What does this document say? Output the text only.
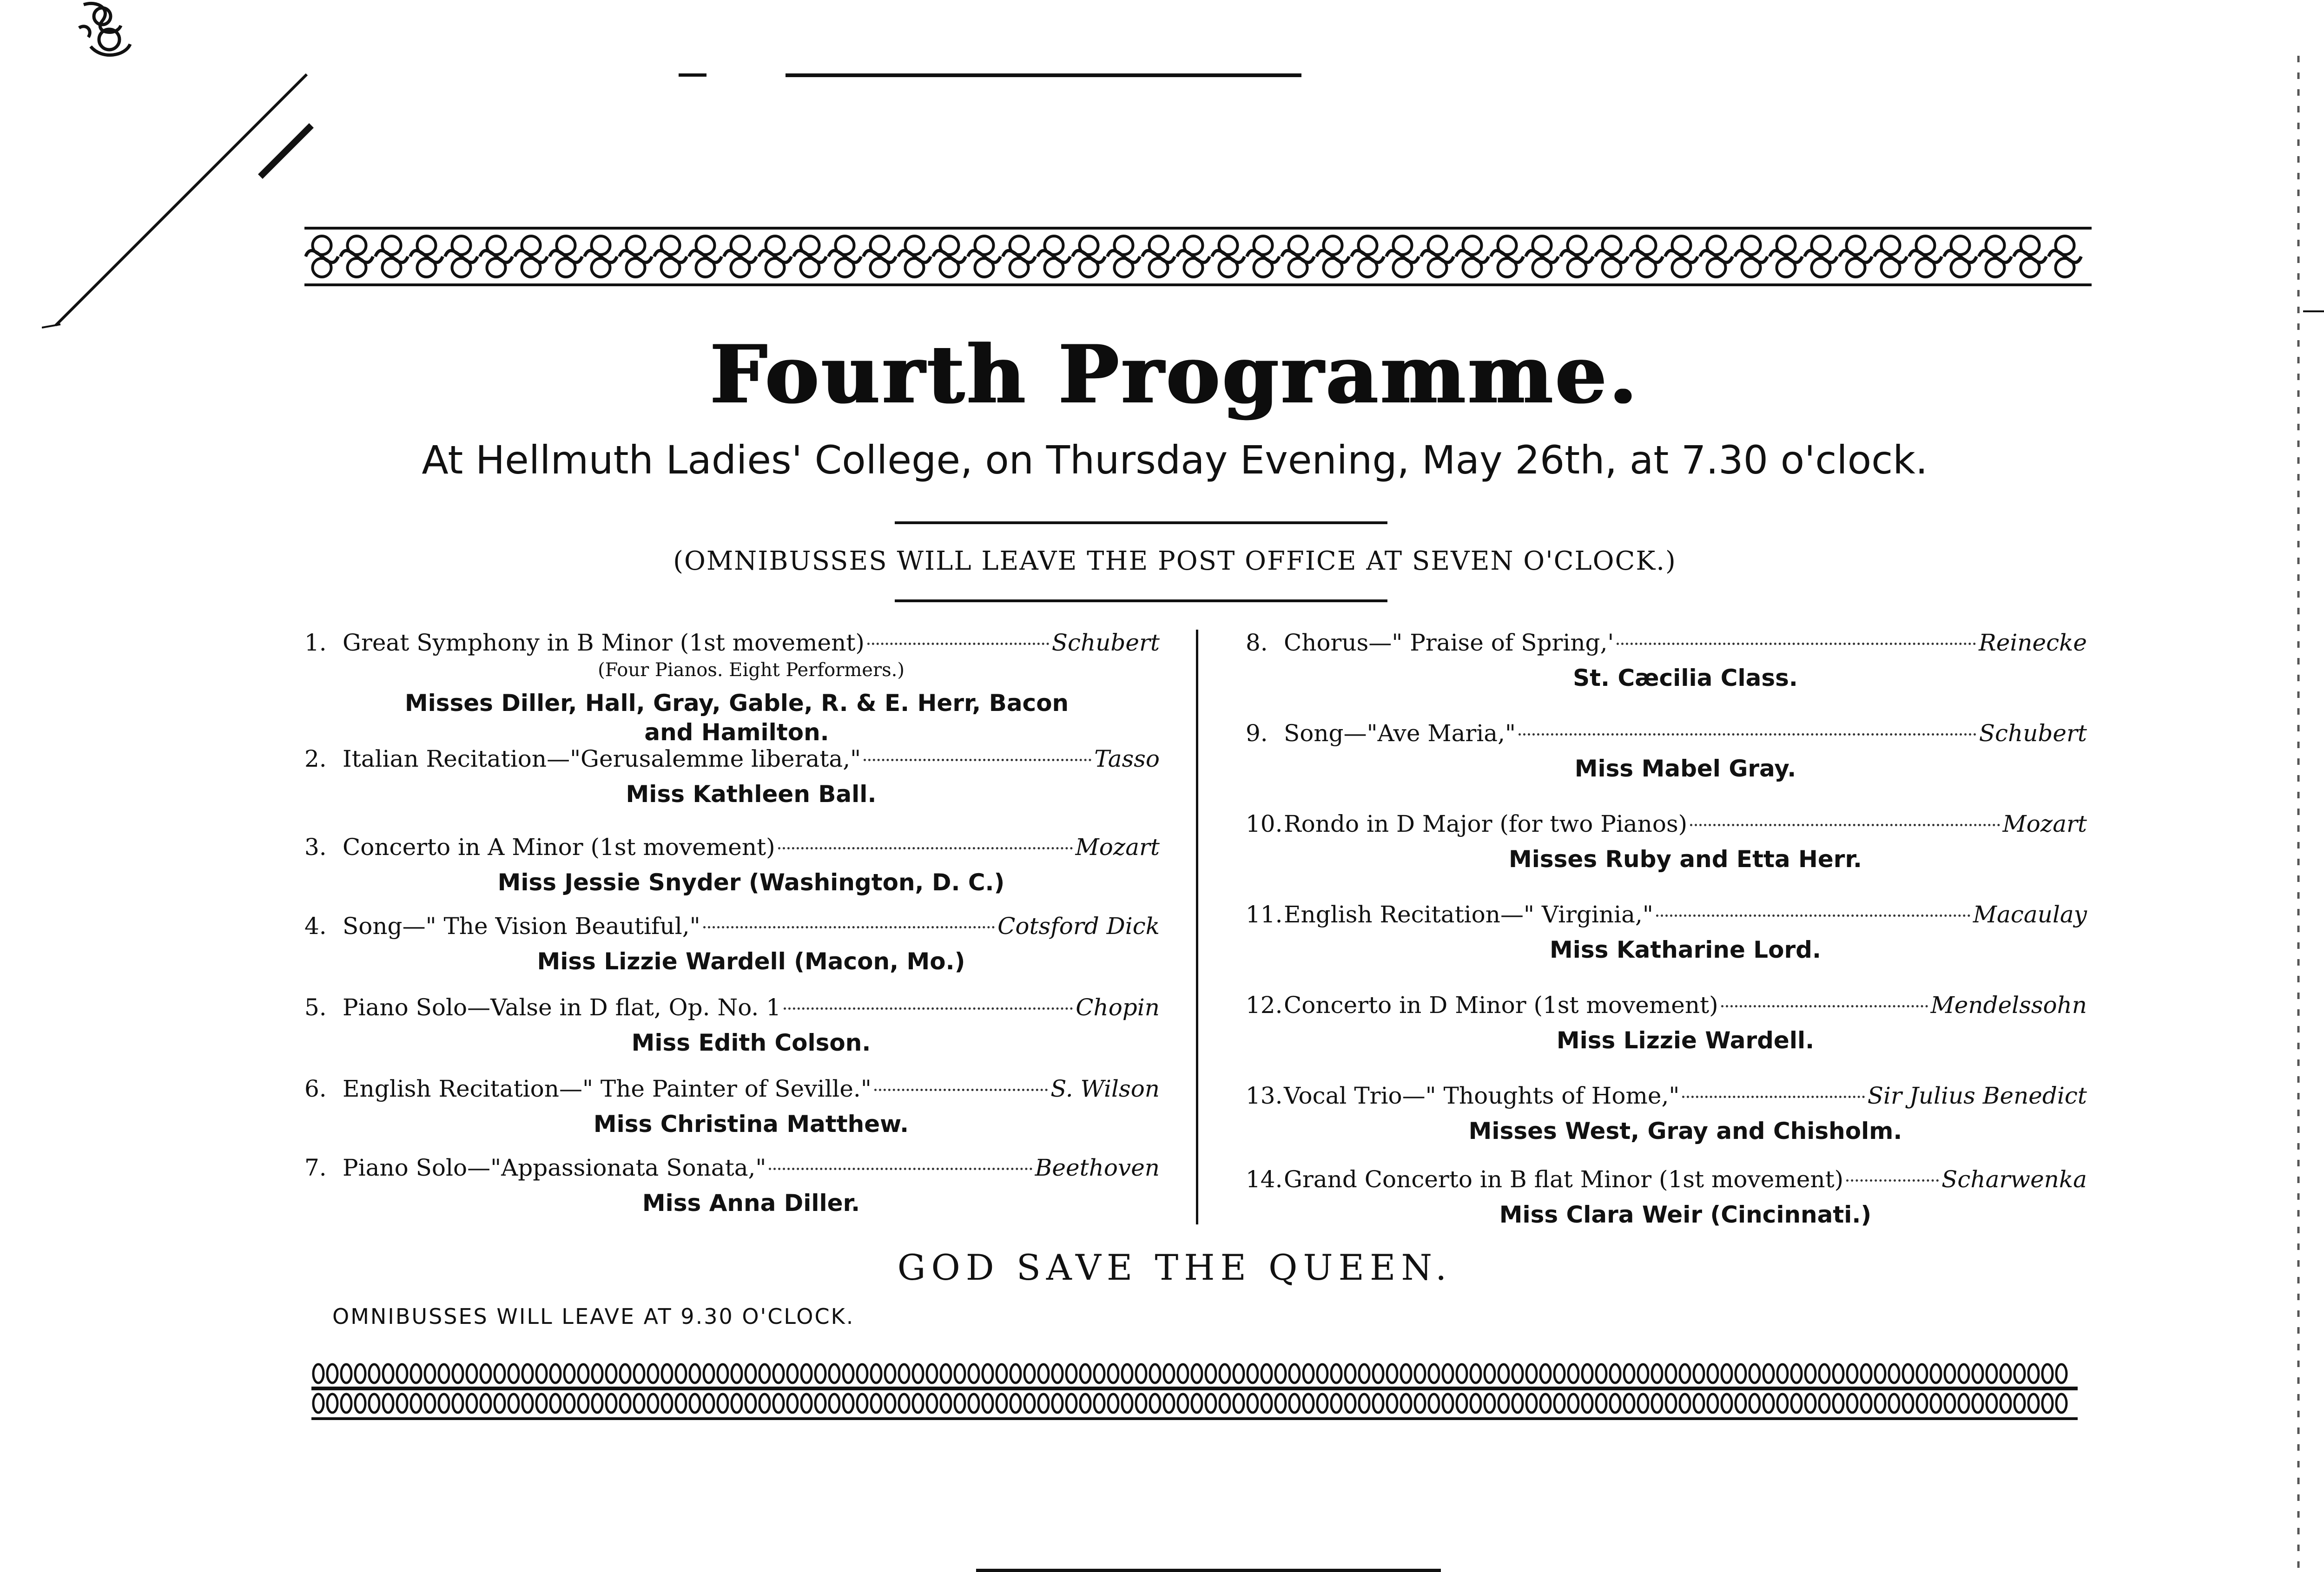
Fourth Programme.
At Hellmuth Ladies' College, on Thursday Evening, May 26th, at 7.30 o'clock.
(OMNIBUSSES WILL LEAVE THE POST OFFICE AT SEVEN O'CLOCK.)
1. Great Symphony in B Minor (1st movement)	Schubert
(Four Pianos. Eight Performers.)
Misses Diller, Hall, Gray, Gable, R. & E. Herr, Bacon and Hamilton.
2. Italian Recitation—"Gerusalemme liberata,"	Tasso
Miss Kathleen Ball.
3. Concerto in A Minor (1st movement)	Mozart
Miss Jessie Snyder (Washington, D. C.)
4. Song—" The Vision Beautiful,"	Cotsford Dick
Miss Lizzie Wardell (Macon, Mo.)
5. Piano Solo—Valse in D flat, Op. No. 1	Chopin
Miss Edith Colson.
6. English Recitation—" The Painter of Seville."	S. Wilson
Miss Christina Matthew.
7. Piano Solo—"Appassionata Sonata,"	Beethoven
Miss Anna Diller.
8. Chorus—" Praise of Spring,'	Reinecke
St. Cæcilia Class.
9. Song—"Ave Maria,"	Schubert
Miss Mabel Gray.
10. Rondo in D Major (for two Pianos)	Mozart
Misses Ruby and Etta Herr.
11. English Recitation—" Virginia,"	Macaulay
Miss Katharine Lord.
12. Concerto in D Minor (1st movement)	Mendelssohn
Miss Lizzie Wardell.
13. Vocal Trio—" Thoughts of Home,"	Sir Julius Benedict
Misses West, Gray and Chisholm.
14. Grand Concerto in B flat Minor (1st movement)	Scharwenka
Miss Clara Weir (Cincinnati.)
GOD SAVE THE QUEEN.
OMNIBUSSES WILL LEAVE AT 9.30 O'CLOCK.
